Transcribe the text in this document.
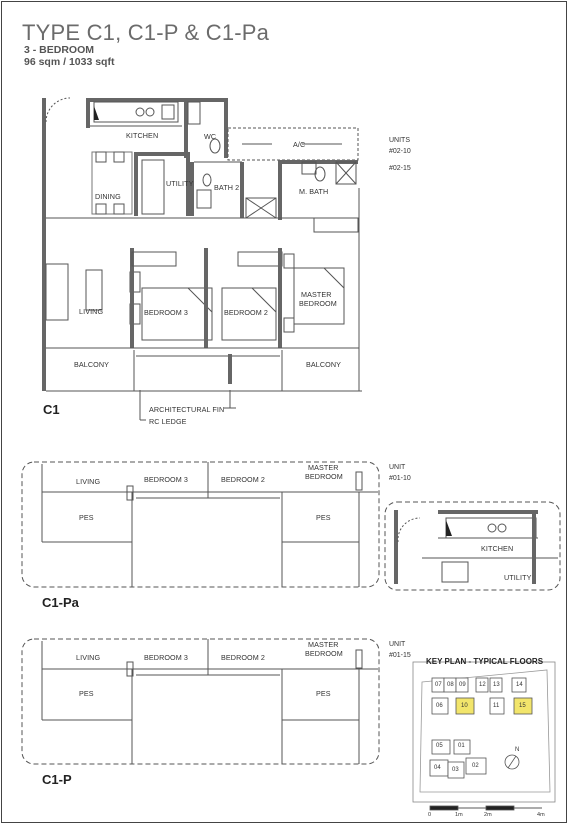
TYPE C1, C1-P & C1-Pa
3 - BEDROOM
96 sqm / 1033 sqft
KITCHEN	WC
A/C
DINING
UTILITY	BATH 2	M. BATH
LIVING	BEDROOM 3	BEDROOM 2
MASTER
BEDROOM
BALCONY	BALCONY
ARCHITECTURAL FIN
RC LEDGE
UNITS
#02-10
#02-15
C1
LIVING	BEDROOM 3	BEDROOM 2
MASTER
BEDROOM
PES	PES
KITCHEN
UTILITY
UNIT
#01-10
C1-Pa
LIVING	BEDROOM 3	BEDROOM 2
MASTER
BEDROOM
PES	PES
UNIT
#01-15
C1-P
KEY PLAN - TYPICAL FLOORS
07 08 09 12 13	14
06	10	11	15
05	01
04 03
02
N
0	1m	2m	4m
